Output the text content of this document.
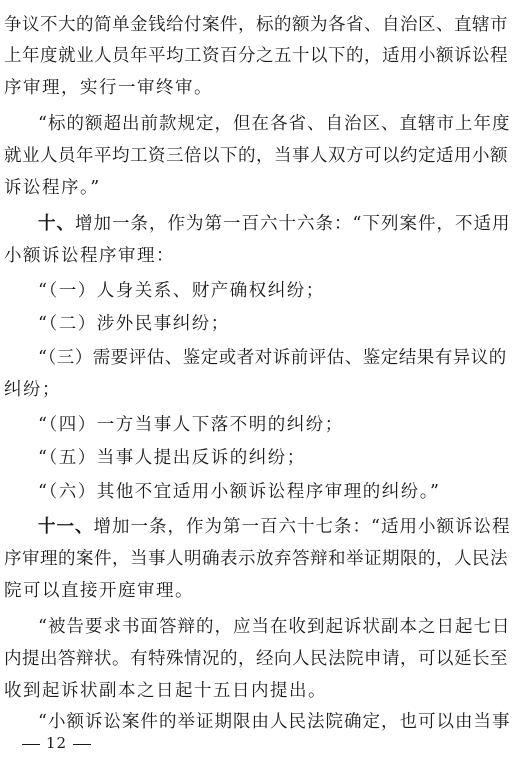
争议不大的简单金钱给付案件，标的额为各省、自治区、直辖市
上年度就业人员年平均工资百分之五十以下的，适用小额诉讼程
序审理，实行一审终审。
“标的额超出前款规定，但在各省、自治区、直辖市上年度
就业人员年平均工资三倍以下的，当事人双方可以约定适用小额
诉讼程序。”
十、增加一条，作为第一百六十六条：“下列案件，不适用
小额诉讼程序审理：
“（一）人身关系、财产确权纠纷；
“（二）涉外民事纠纷；
“（三）需要评估、鉴定或者对诉前评估、鉴定结果有异议的
纠纷；
“（四）一方当事人下落不明的纠纷；
“（五）当事人提出反诉的纠纷；
“（六）其他不宜适用小额诉讼程序审理的纠纷。”
十一、增加一条，作为第一百六十七条：“适用小额诉讼程
序审理的案件，当事人明确表示放弃答辩和举证期限的，人民法
院可以直接开庭审理。
“被告要求书面答辩的，应当在收到起诉状副本之日起七日
内提出答辩状。有特殊情况的，经向人民法院申请，可以延长至
收到起诉状副本之日起十五日内提出。
“小额诉讼案件的举证期限由人民法院确定，也可以由当事
12
